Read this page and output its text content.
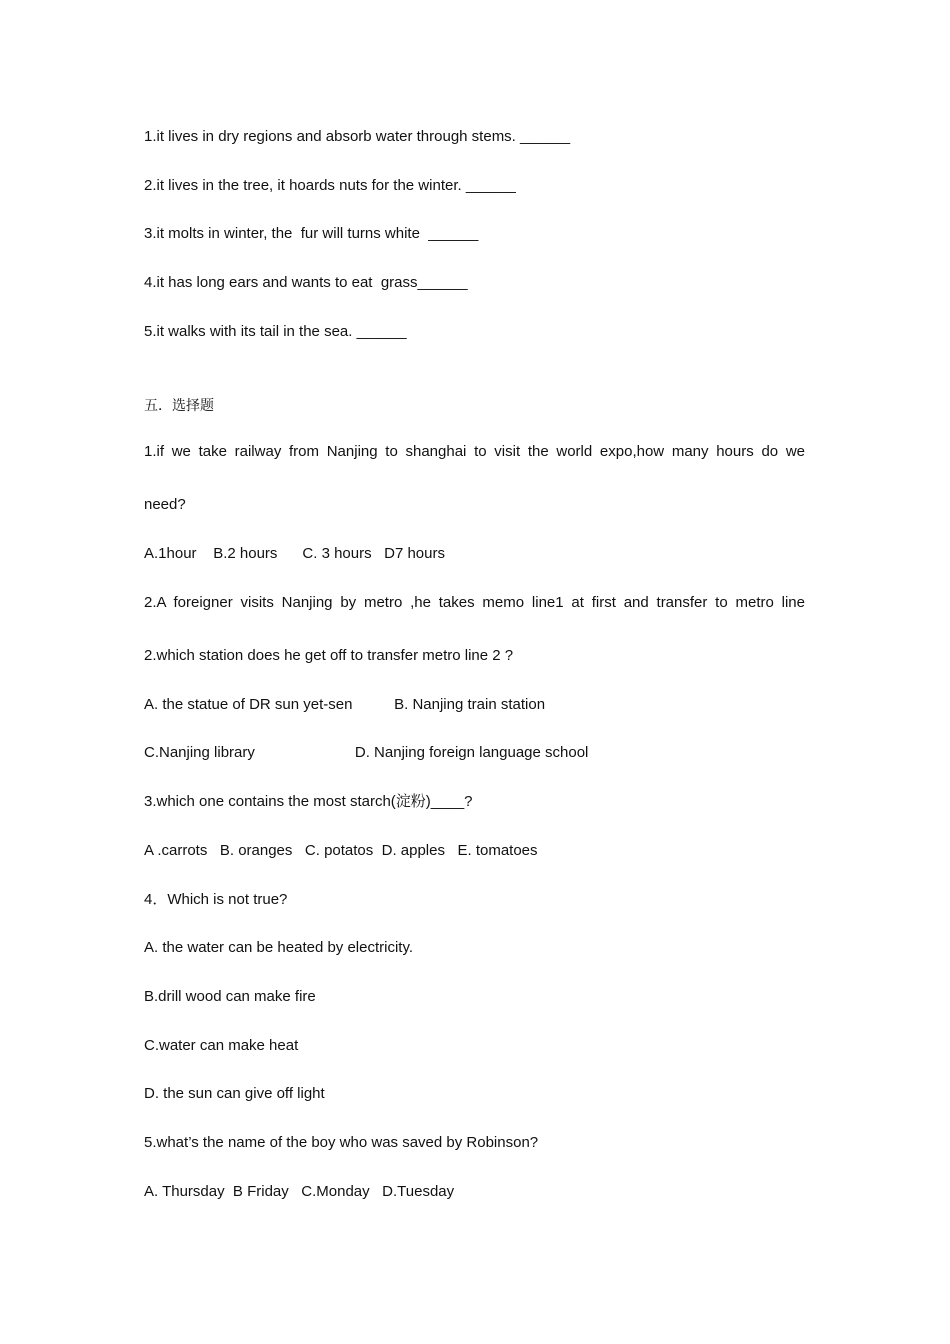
1.it lives in dry regions and absorb water through stems. ______
2.it lives in the tree, it hoards nuts for the winter. ______
3.it molts in winter, the  fur will turns white  ______
4.it has long ears and wants to eat  grass______
5.it walks with its tail in the sea. ______
五．选择题
1.if we take railway from Nanjing to shanghai to visit the world expo,how many hours do we
need?
A.1hour    B.2 hours      C. 3 hours   D7 hours
2.A foreigner visits Nanjing by metro ,he takes memo line1 at first and transfer to metro line
2.which station does he get off to transfer metro line 2 ?
A. the statue of DR sun yet-sen          B. Nanjing train station
C.Nanjing library                        D. Nanjing foreign language school
3.which one contains the most starch(淀粉)____?
A .carrots   B. oranges   C. potatos  D. apples   E. tomatoes
4．Which is not true?
A. the water can be heated by electricity.
B.drill wood can make fire
C.water can make heat
D. the sun can give off light
5.what’s the name of the boy who was saved by Robinson?
A. Thursday  B Friday   C.Monday   D.Tuesday
